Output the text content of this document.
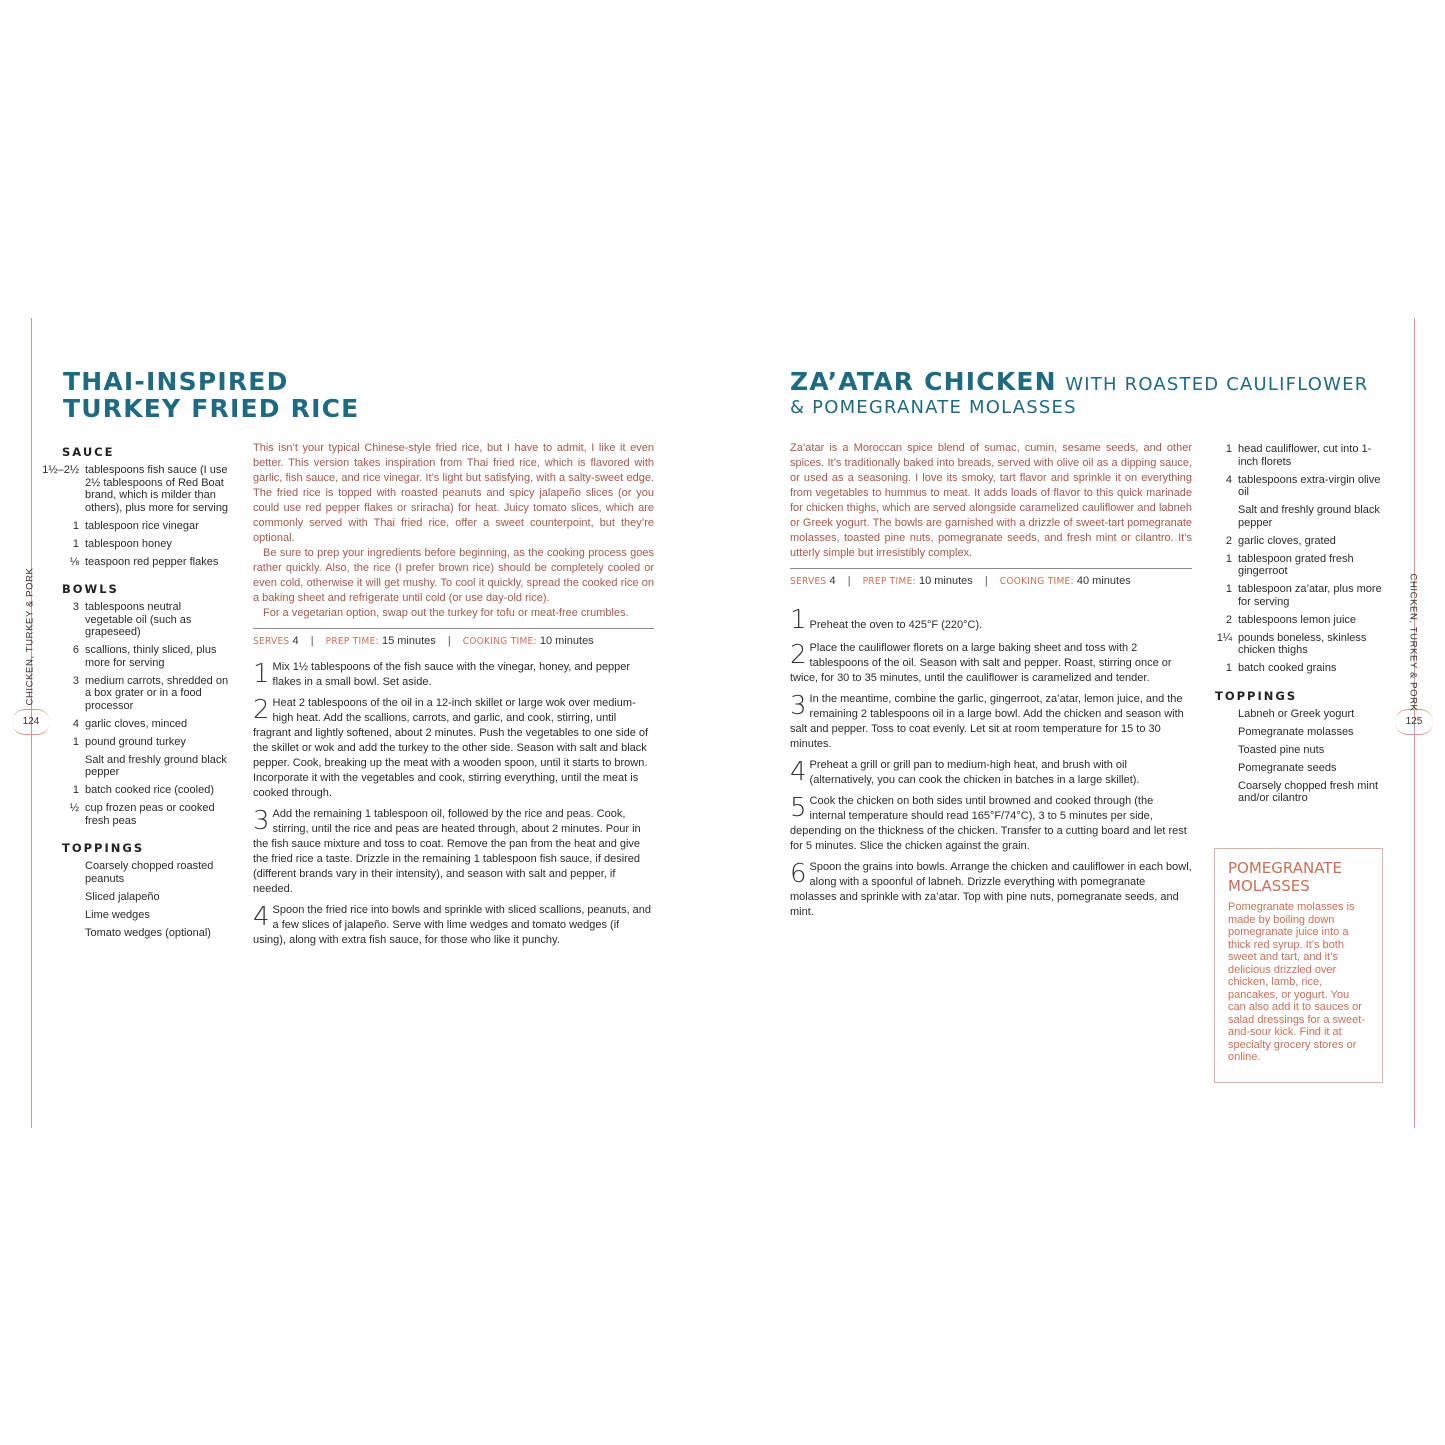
124
CHICKEN, TURKEY & PORK
THAI-INSPIRED
TURKEY FRIED RICE
SAUCE
1½–2½ tablespoons fish sauce (I use 2½ tablespoons of Red Boat brand, which is milder than others), plus more for serving
1 tablespoon rice vinegar
1 tablespoon honey
⅛ teaspoon red pepper flakes
BOWLS
3 tablespoons neutral vegetable oil (such as grapeseed)
6 scallions, thinly sliced, plus more for serving
3 medium carrots, shredded on a box grater or in a food processor
4 garlic cloves, minced
1 pound ground turkey
Salt and freshly ground black pepper
1 batch cooked rice (cooled)
½ cup frozen peas or cooked fresh peas
TOPPINGS
Coarsely chopped roasted peanuts
Sliced jalapeño
Lime wedges
Tomato wedges (optional)

This isn’t your typical Chinese-style fried rice, but I have to admit, I like it even better. This version takes inspiration from Thai fried rice, which is flavored with garlic, fish sauce, and rice vinegar. It’s light but satisfying, with a salty-sweet edge. The fried rice is topped with roasted peanuts and spicy jalapeño slices (or you could use red pepper flakes or sriracha) for heat. Juicy tomato slices, which are commonly served with Thai fried rice, offer a sweet counterpoint, but they’re optional.

Be sure to prep your ingredients before beginning, as the cooking process goes rather quickly. Also, the rice (I prefer brown rice) should be completely cooled or even cold, otherwise it will get mushy. To cool it quickly, spread the cooked rice on a baking sheet and refrigerate until cold (or use day-old rice).

For a vegetarian option, swap out the turkey for tofu or meat-free crumbles.

SERVES 4 | PREP TIME: 15 minutes | COOKING TIME: 10 minutes
1 Mix 1½ tablespoons of the fish sauce with the vinegar, honey, and pepper flakes in a small bowl. Set aside.
2 Heat 2 tablespoons of the oil in a 12-inch skillet or large wok over medium-high heat. Add the scallions, carrots, and garlic, and cook, stirring, until fragrant and lightly softened, about 2 minutes. Push the vegetables to one side of the skillet or wok and add the turkey to the other side. Season with salt and black pepper. Cook, breaking up the meat with a wooden spoon, until it starts to brown. Incorporate it with the vegetables and cook, stirring everything, until the meat is cooked through.
3 Add the remaining 1 tablespoon oil, followed by the rice and peas. Cook, stirring, until the rice and peas are heated through, about 2 minutes. Pour in the fish sauce mixture and toss to coat. Remove the pan from the heat and give the fried rice a taste. Drizzle in the remaining 1 tablespoon fish sauce, if desired (different brands vary in their intensity), and season with salt and pepper, if needed.
4 Spoon the fried rice into bowls and sprinkle with sliced scallions, peanuts, and a few slices of jalapeño. Serve with lime wedges and tomato wedges (if using), along with extra fish sauce, for those who like it punchy.
125
CHICKEN, TURKEY & PORK
ZA’ATAR CHICKEN WITH ROASTED CAULIFLOWER
& POMEGRANATE MOLASSES

Za’atar is a Moroccan spice blend of sumac, cumin, sesame seeds, and other spices. It’s traditionally baked into breads, served with olive oil as a dipping sauce, or used as a seasoning. I love its smoky, tart flavor and sprinkle it on everything from vegetables to hummus to meat. It adds loads of flavor to this quick marinade for chicken thighs, which are served alongside caramelized cauliflower and labneh or Greek yogurt. The bowls are garnished with a drizzle of sweet-tart pomegranate molasses, toasted pine nuts, pomegranate seeds, and fresh mint or cilantro. It’s utterly simple but irresistibly complex.

SERVES 4 | PREP TIME: 10 minutes | COOKING TIME: 40 minutes
1 Preheat the oven to 425°F (220°C).
2 Place the cauliflower florets on a large baking sheet and toss with 2 tablespoons of the oil. Season with salt and pepper. Roast, stirring once or twice, for 30 to 35 minutes, until the cauliflower is caramelized and tender.
3 In the meantime, combine the garlic, gingerroot, za’atar, lemon juice, and the remaining 2 tablespoons oil in a large bowl. Add the chicken and season with salt and pepper. Toss to coat evenly. Let sit at room temperature for 15 to 30 minutes.
4 Preheat a grill or grill pan to medium-high heat, and brush with oil (alternatively, you can cook the chicken in batches in a large skillet).
5 Cook the chicken on both sides until browned and cooked through (the internal temperature should read 165°F/74°C), 3 to 5 minutes per side, depending on the thickness of the chicken. Transfer to a cutting board and let rest for 5 minutes. Slice the chicken against the grain.
6 Spoon the grains into bowls. Arrange the chicken and cauliflower in each bowl, along with a spoonful of labneh. Drizzle everything with pomegranate molasses and sprinkle with za’atar. Top with pine nuts, pomegranate seeds, and mint.
1 head cauliflower, cut into 1-inch florets
4 tablespoons extra-virgin olive oil
Salt and freshly ground black pepper
2 garlic cloves, grated
1 tablespoon grated fresh gingerroot
1 tablespoon za’atar, plus more for serving
2 tablespoons lemon juice
1¼ pounds boneless, skinless chicken thighs
1 batch cooked grains
TOPPINGS
Labneh or Greek yogurt
Pomegranate molasses
Toasted pine nuts
Pomegranate seeds
Coarsely chopped fresh mint and/or cilantro
POMEGRANATE
MOLASSES
Pomegranate molasses is made by boiling down pomegranate juice into a thick red syrup. It’s both sweet and tart, and it’s delicious drizzled over chicken, lamb, rice, pancakes, or yogurt. You can also add it to sauces or salad dressings for a sweet-and-sour kick. Find it at specialty grocery stores or online.
